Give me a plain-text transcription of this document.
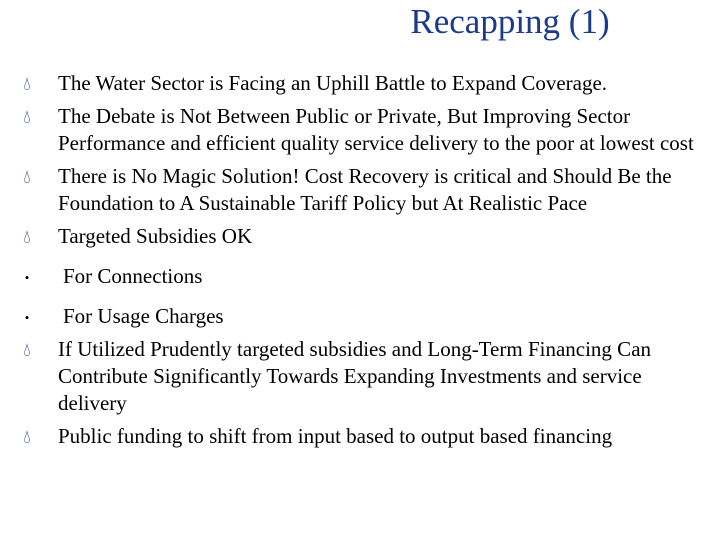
Recapping (1)
💧︎ The Water Sector is Facing an Uphill Battle to Expand Coverage.
💧︎ The Debate is Not Between Public or Private, But Improving Sector Performance and efficient quality service delivery to the poor at lowest cost
💧︎ There is No Magic Solution! Cost Recovery is critical and Should Be the Foundation to A Sustainable Tariff Policy but At Realistic Pace
💧︎ Targeted Subsidies OK
•	For Connections
•	For Usage Charges
💧︎ If Utilized Prudently targeted subsidies and Long-Term Financing Can Contribute Significantly Towards Expanding Investments and service delivery
💧︎ Public funding to shift from input based to output based financing
